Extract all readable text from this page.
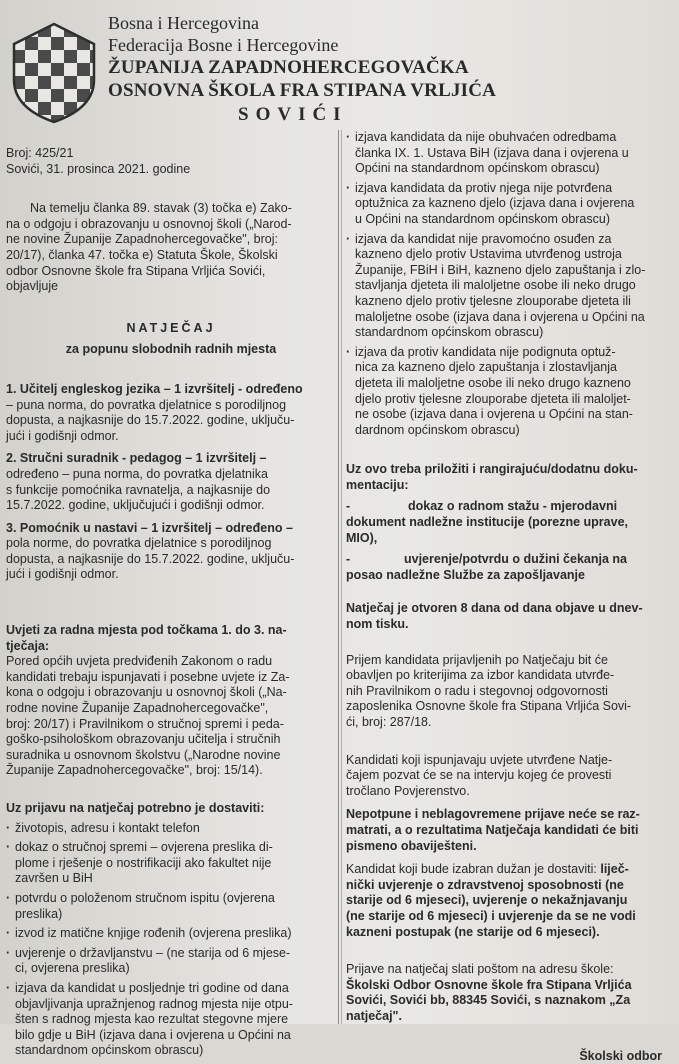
Bosna i Hercegovina
Federacija Bosne i Hercegovine
ŽUPANIJA ZAPADNOHERCEGOVAČKA
OSNOVNA ŠKOLA FRA STIPANA VRLJIĆA
SOVIĆI

Broj: 425/21

Sovići, 31. prosinca 2021. godine

Na temelju članka 89. stavak (3) točka e) Zako-

na o odgoju i obrazovanju u osnovnoj školi („Narod-

ne novine Županije Zapadnohercegovačke", broj:

20/17), članka 47. točka e) Statuta Škole, Školski

odbor Osnovne škole fra Stipana Vrljića Sovići,

objavljuje

NATJEČAJ

za popunu slobodnih radnih mjesta

1. Učitelj engleskog jezika – 1 izvršitelj - određeno

– puna norma, do povratka djelatnice s porodiljnog

dopusta, a najkasnije do 15.7.2022. godine, uključu-

jući i godišnji odmor.

2. Stručni suradnik - pedagog – 1 izvršitelj –

određeno – puna norma, do povratka djelatnika

s funkcije pomoćnika ravnatelja, a najkasnije do

15.7.2022. godine, uključujući i godišnji odmor.

3. Pomoćnik u nastavi – 1 izvršitelj – određeno –

pola norme, do povratka djelatnice s porodiljnog

dopusta, a najkasnije do 15.7.2022. godine, uključu-

jući i godišnji odmor.

Uvjeti za radna mjesta pod točkama 1. do 3. na-

tječaja:

Pored općih uvjeta predviđenih Zakonom o radu

kandidati trebaju ispunjavati i posebne uvjete iz Za-

kona o odgoju i obrazovanju u osnovnoj školi („Na-

rodne novine Županije Zapadnohercegovačke",

broj: 20/17) i Pravilnikom o stručnoj spremi i peda-

goško-psihološkom obrazovanju učitelja i stručnih

suradnika u osnovnom školstvu („Narodne novine

Županije Zapadnohercegovačke", broj: 15/14).

Uz prijavu na natječaj potrebno je dostaviti:

· životopis, adresu i kontakt telefon

· dokaz o stručnoj spremi – ovjerena preslika di-

plome i rješenje o nostrifikaciji ako fakultet nije

završen u BiH

· potvrdu o položenom stručnom ispitu (ovjerena

preslika)

· izvod iz matične knjige rođenih (ovjerena preslika)

· uvjerenje o državljanstvu – (ne starija od 6 mjese-

ci, ovjerena preslika)

· izjava da kandidat u posljednje tri godine od dana

objavljivanja upražnjenog radnog mjesta nije otpu-

šten s radnog mjesta kao rezultat stegovne mjere

bilo gdje u BiH (izjava dana i ovjerena u Općini na

standardnom općinskom obrascu)

· izjava kandidata da nije obuhvaćen odredbama

članka IX. 1. Ustava BiH (izjava dana i ovjerena u

Općini na standardnom općinskom obrascu)

· izjava kandidata da protiv njega nije potvrđena

optužnica za kazneno djelo (izjava dana i ovjerena

u Općini na standardnom općinskom obrascu)

· izjava da kandidat nije pravomoćno osuđen za

kazneno djelo protiv Ustavima utvrđenog ustroja

Županije, FBiH i BiH, kazneno djelo zapuštanja i zlo-

stavljanja djeteta ili maloljetne osobe ili neko drugo

kazneno djelo protiv tjelesne zlouporabe djeteta ili

maloljetne osobe (izjava dana i ovjerena u Općini na

standardnom općinskom obrascu)

· izjava da protiv kandidata nije podignuta optuž-

nica za kazneno djelo zapuštanja i zlostavljanja

djeteta ili maloljetne osobe ili neko drugo kazneno

djelo protiv tjelesne zlouporabe djeteta ili maloljet-

ne osobe (izjava dana i ovjerena u Općini na stan-

dardnom općinskom obrascu)

Uz ovo treba priložiti i rangirajuću/dodatnu doku-

mentaciju:

-	dokaz o radnom stažu - mjerodavni

dokument nadležne institucije (porezne uprave,

MIO),

-	uvjerenje/potvrdu o dužini čekanja na

posao nadležne Službe za zapošljavanje

Natječaj je otvoren 8 dana od dana objave u dnev-

nom tisku.

Prijem kandidata prijavljenih po Natječaju bit će

obavljen po kriterijima za izbor kandidata utvrđe-

nih Pravilnikom o radu i stegovnoj odgovornosti

zaposlenika Osnovne škole fra Stipana Vrljića Sovi-

ći, broj: 287/18.

Kandidati koji ispunjavaju uvjete utvrđene Natje-

čajem pozvat će se na intervju kojeg će provesti

tročlano Povjerenstvo.

Nepotpune i neblagovremene prijave neće se raz-

matrati, a o rezultatima Natječaja kandidati će biti

pismeno obaviješteni.

Kandidat koji bude izabran dužan je dostaviti: liječ-

nički uvjerenje o zdravstvenoj sposobnosti (ne

starije od 6 mjeseci), uvjerenje o nekažnjavanju

(ne starije od 6 mjeseci) i uvjerenje da se ne vodi

kazneni postupak (ne starije od 6 mjeseci).

Prijave na natječaj slati poštom na adresu škole:

Školski Odbor Osnovne škole fra Stipana Vrljića

Sovići, Sovići bb, 88345 Sovići, s naznakom „Za

natječaj".

Školski odbor
